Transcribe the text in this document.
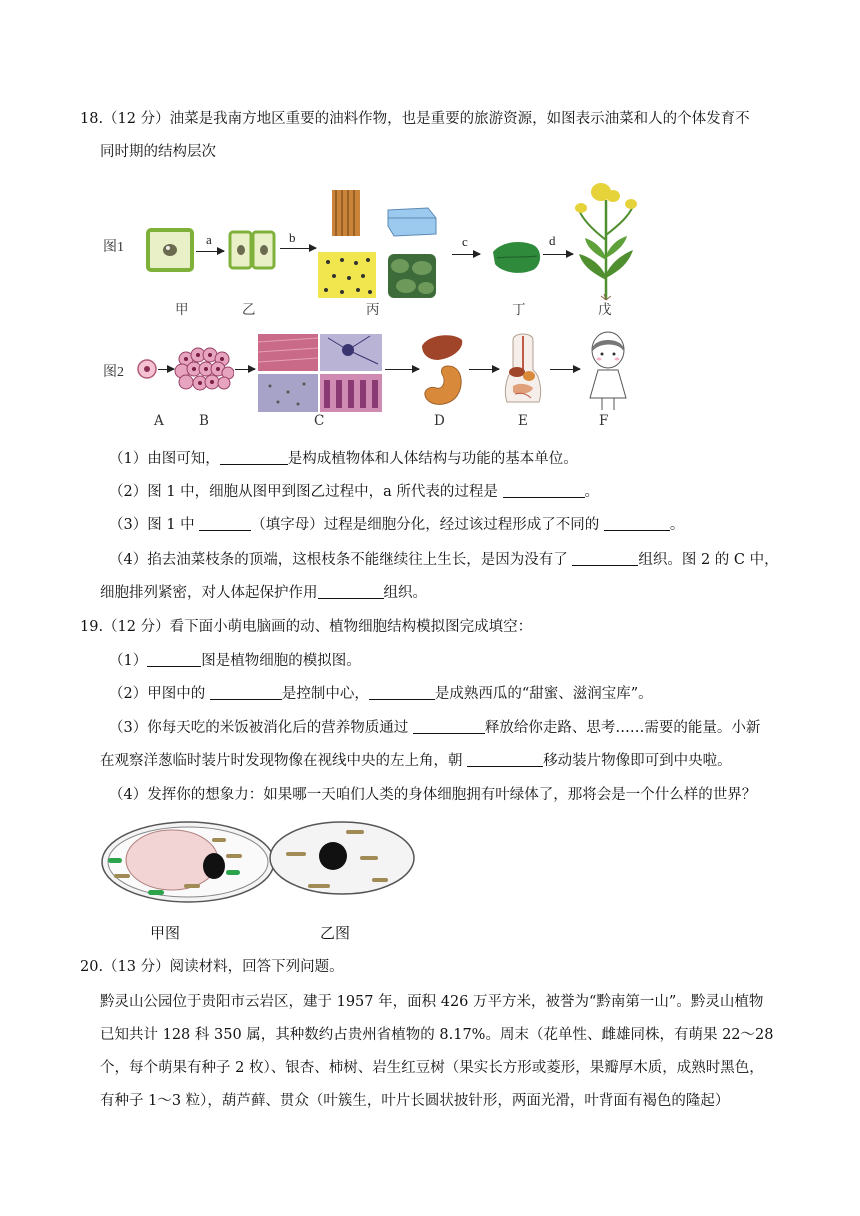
18.（12 分）油菜是我南方地区重要的油料作物，也是重要的旅游资源，如图表示油菜和人的个体发育不
同时期的结构层次
图1
a	b	c	d
甲	乙	丙	丁	戊
图2
A	B	C	D	E	F
（1）由图可知，	是构成植物体和人体结构与功能的基本单位。
（2）图 1 中，细胞从图甲到图乙过程中，a 所代表的过程是	。
（3）图 1 中	（填字母）过程是细胞分化，经过该过程形成了不同的	。
（4）掐去油菜枝条的顶端，这根枝条不能继续往上生长，是因为没有了	组织。图 2 的 C 中，
细胞排列紧密，对人体起保护作用	组织。
19.（12 分）看下面小萌电脑画的动、植物细胞结构模拟图完成填空：
（1）	图是植物细胞的模拟图。
（2）甲图中的	是控制中心，	是成熟西瓜的“甜蜜、滋润宝库”。
（3）你每天吃的米饭被消化后的营养物质通过	释放给你走路、思考……需要的能量。小新
在观察洋葱临时装片时发现物像在视线中央的左上角，朝	移动装片物像即可到中央啦。
（4）发挥你的想象力：如果哪一天咱们人类的身体细胞拥有叶绿体了，那将会是一个什么样的世界？
甲图	乙图
20.（13 分）阅读材料，回答下列问题。
黔灵山公园位于贵阳市云岩区，建于 1957 年，面积 426 万平方米，被誉为“黔南第一山”。黔灵山植物
已知共计 128 科 350 属，其种数约占贵州省植物的 8.17%。周末（花单性、雌雄同株，有萌果 22～28
个，每个萌果有种子 2 枚）、银杏、柿树、岩生红豆树（果实长方形或菱形，果瓣厚木质，成熟时黑色，
有种子 1～3 粒），葫芦藓、贯众（叶簇生，叶片长圆状披针形，两面光滑，叶背面有褐色的隆起）
